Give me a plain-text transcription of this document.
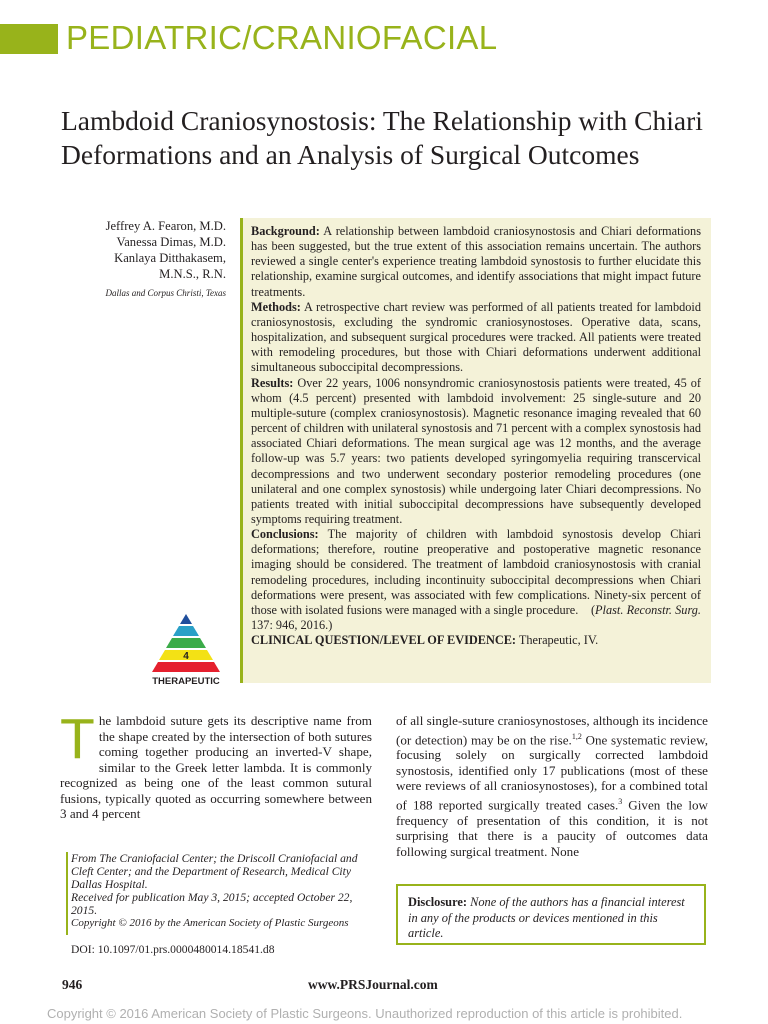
PEDIATRIC/CRANIOFACIAL
Lambdoid Craniosynostosis: The Relationship with Chiari Deformations and an Analysis of Surgical Outcomes
Jeffrey A. Fearon, M.D.
Vanessa Dimas, M.D.
Kanlaya Ditthakasem,
M.N.S., R.N.
Dallas and Corpus Christi, Texas

Background: A relationship between lambdoid craniosynostosis and Chiari deformations has been suggested, but the true extent of this association remains uncertain. The authors reviewed a single center's experience treating lambdoid synostosis to further elucidate this relationship, examine surgical outcomes, and identify associations that might impact future treatments.

Methods: A retrospective chart review was performed of all patients treated for lambdoid craniosynostosis, excluding the syndromic craniosynostoses. Operative data, scans, hospitalization, and subsequent surgical procedures were tracked. All patients were treated with remodeling procedures, but those with Chiari deformations underwent additional simultaneous suboccipital decompressions.

Results: Over 22 years, 1006 nonsyndromic craniosynostosis patients were treated, 45 of whom (4.5 percent) presented with lambdoid involvement: 25 single-suture and 20 multiple-suture (complex craniosynostosis). Magnetic resonance imaging revealed that 60 percent of children with unilateral synostosis and 71 percent with a complex synostosis had associated Chiari deformations. The mean surgical age was 12 months, and the average follow-up was 5.7 years: two patients developed syringomyelia requiring transcervical decompressions and two underwent secondary posterior remodeling procedures (one unilateral and one complex synostosis) while undergoing later Chiari decompressions. No patients treated with initial suboccipital decompressions have subsequently developed symptoms requiring treatment.

Conclusions: The majority of children with lambdoid synostosis develop Chiari deformations; therefore, routine preoperative and postoperative magnetic resonance imaging should be considered. The treatment of lambdoid craniosynostosis with cranial remodeling procedures, including incontinuity suboccipital decompressions when Chiari deformations were present, was associated with few complications. Ninety-six percent of those with isolated fusions were managed with a single procedure. (Plast. Reconstr. Surg. 137: 946, 2016.)

CLINICAL QUESTION/LEVEL OF EVIDENCE: Therapeutic, IV.

4
THERAPEUTIC
The lambdoid suture gets its descriptive name from the shape created by the intersection of both sutures coming together producing an inverted-V shape, similar to the Greek letter lambda. It is commonly recognized as being one of the least common sutural fusions, typically quoted as occurring somewhere between 3 and 4 percent
of all single-suture craniosynostoses, although its incidence (or detection) may be on the rise.$^{1,2}$ One systematic review, focusing solely on surgically corrected lambdoid synostosis, identified only 17 publications (most of these were reviews of all craniosynostoses), for a combined total of 188 reported surgically treated cases.$^3$ Given the low frequency of presentation of this condition, it is not surprising that there is a paucity of outcomes data following surgical treatment. None

From The Craniofacial Center; the Driscoll Craniofacial and Cleft Center; and the Department of Research, Medical City Dallas Hospital.

Received for publication May 3, 2015; accepted October 22, 2015.

Copyright © 2016 by the American Society of Plastic Surgeons

DOI: 10.1097/01.prs.0000480014.18541.d8
Disclosure: None of the authors has a financial interest in any of the products or devices mentioned in this article.
946	www.PRSJournal.com
Copyright © 2016 American Society of Plastic Surgeons. Unauthorized reproduction of this article is prohibited.
